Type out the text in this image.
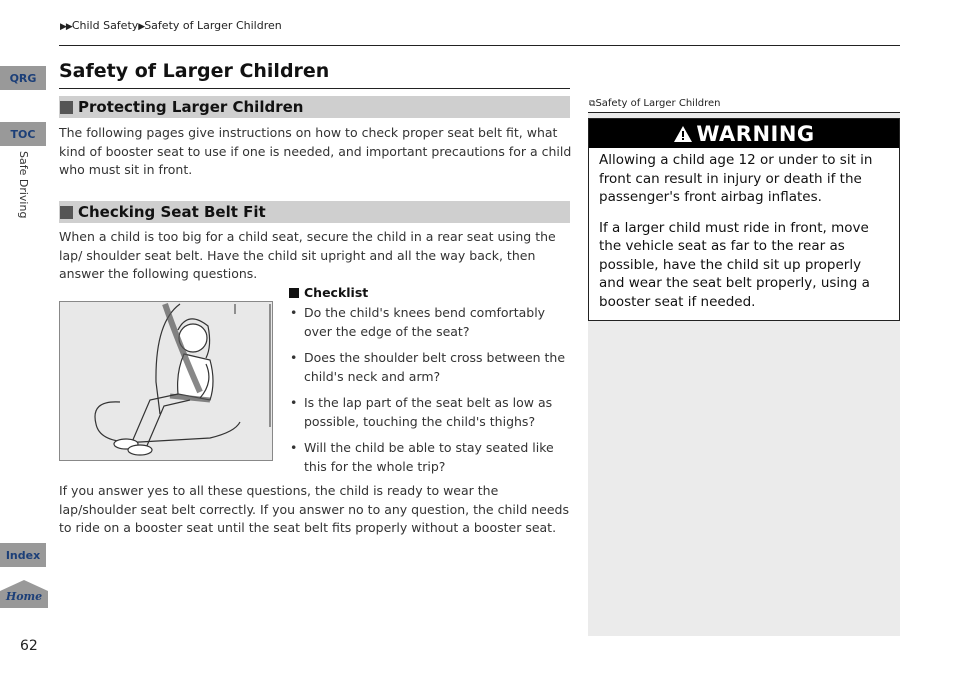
▶▶Child Safety▶Safety of Larger Children
QRG
TOC
Safe Driving
Index
Home
62
Safety of Larger Children
Protecting Larger Children
The following pages give instructions on how to check proper seat belt fit, what kind of booster seat to use if one is needed, and important precautions for a child who must sit in front.
Checking Seat Belt Fit
When a child is too big for a child seat, secure the child in a rear seat using the lap/ shoulder seat belt. Have the child sit upright and all the way back, then answer the following questions.
Checklist
• Do the child's knees bend comfortably over the edge of the seat?
• Does the shoulder belt cross between the child's neck and arm?
• Is the lap part of the seat belt as low as possible, touching the child's thighs?
• Will the child be able to stay seated like this for the whole trip?
If you answer yes to all these questions, the child is ready to wear the lap/shoulder seat belt correctly. If you answer no to any question, the child needs to ride on a booster seat until the seat belt fits properly without a booster seat.
⧉Safety of Larger Children
WARNING

Allowing a child age 12 or under to sit in front can result in injury or death if the passenger's front airbag inflates.

If a larger child must ride in front, move the vehicle seat as far to the rear as possible, have the child sit up properly and wear the seat belt properly, using a booster seat if needed.
